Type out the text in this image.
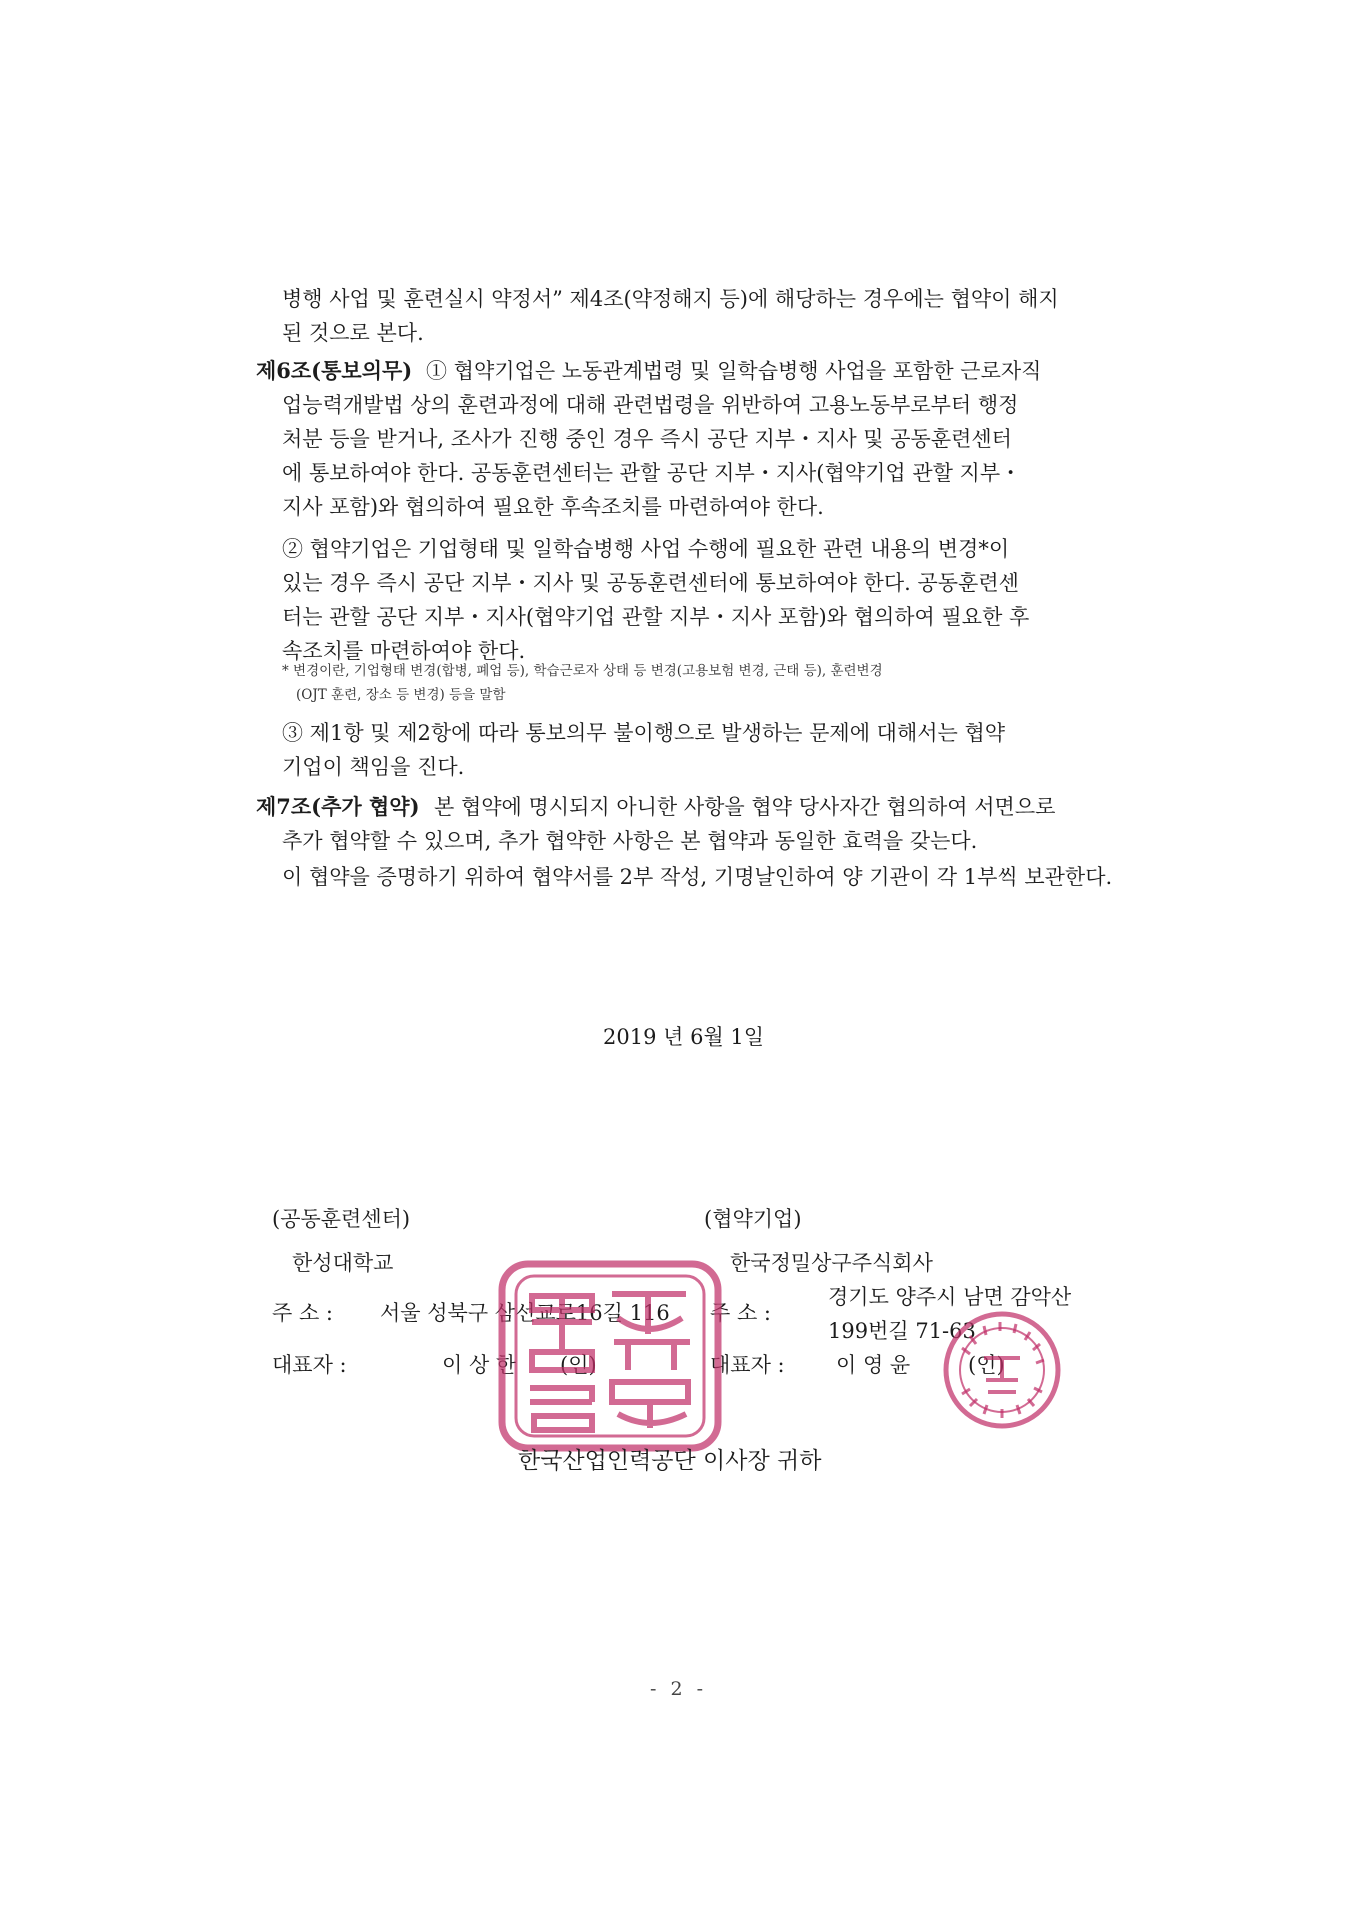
병행 사업 및 훈련실시 약정서” 제4조(약정해지 등)에 해당하는 경우에는 협약이 해지
된 것으로 본다.
제6조(통보의무) ① 협약기업은 노동관계법령 및 일학습병행 사업을 포함한 근로자직
업능력개발법 상의 훈련과정에 대해 관련법령을 위반하여 고용노동부로부터 행정
처분 등을 받거나, 조사가 진행 중인 경우 즉시 공단 지부・지사 및 공동훈련센터
에 통보하여야 한다. 공동훈련센터는 관할 공단 지부・지사(협약기업 관할 지부・
지사 포함)와 협의하여 필요한 후속조치를 마련하여야 한다.
② 협약기업은 기업형태 및 일학습병행 사업 수행에 필요한 관련 내용의 변경*이
있는 경우 즉시 공단 지부・지사 및 공동훈련센터에 통보하여야 한다. 공동훈련센
터는 관할 공단 지부・지사(협약기업 관할 지부・지사 포함)와 협의하여 필요한 후
속조치를 마련하여야 한다.
* 변경이란, 기업형태 변경(합병, 폐업 등), 학습근로자 상태 등 변경(고용보험 변경, 근태 등), 훈련변경
(OJT 훈련, 장소 등 변경) 등을 말함
③ 제1항 및 제2항에 따라 통보의무 불이행으로 발생하는 문제에 대해서는 협약
기업이 책임을 진다.
제7조(추가 협약) 본 협약에 명시되지 아니한 사항을 협약 당사자간 협의하여 서면으로
추가 협약할 수 있으며, 추가 협약한 사항은 본 협약과 동일한 효력을 갖는다.
이 협약을 증명하기 위하여 협약서를 2부 작성, 기명날인하여 양 기관이 각 1부씩 보관한다.
2019 년 6월 1일
(공동훈련센터)
한성대학교
주 소 : 서울 성북구 삼선교로16길 116
대표자 :	이 상 한 (인)
(협약기업)
한국정밀상구주식회사
주 소 :
경기도 양주시 남면 감악산
199번길 71-63
대표자 : 이 영 윤	(인)
한국산업인력공단 이사장 귀하
- 2 -
